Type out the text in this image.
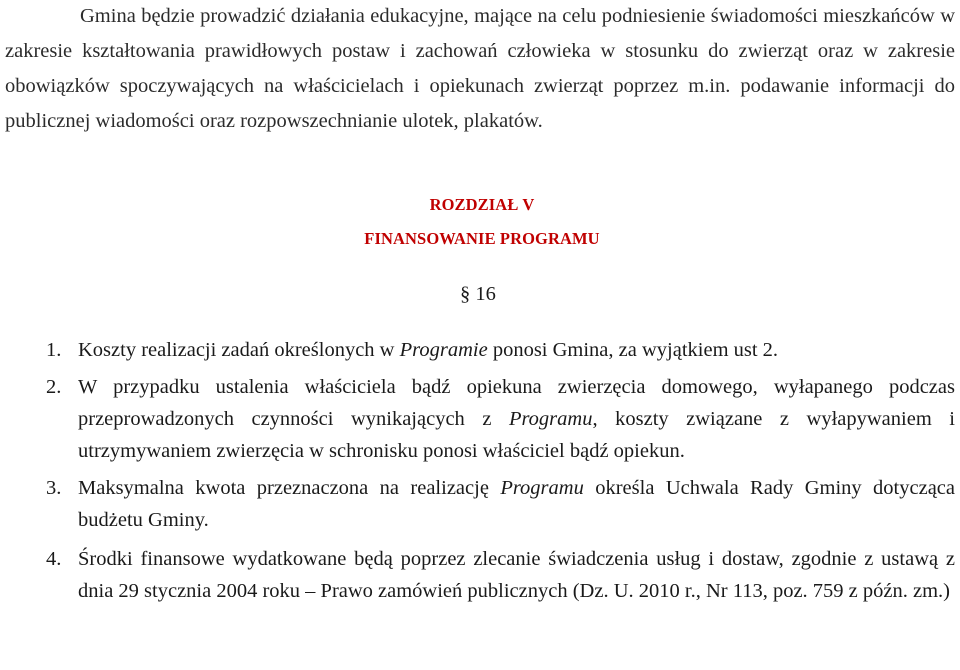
Gmina będzie prowadzić działania edukacyjne, mające na celu podniesienie świadomości mieszkańców w zakresie kształtowania prawidłowych postaw i zachowań człowieka w stosunku do zwierząt oraz w zakresie obowiązków spoczywających na właścicielach i opiekunach zwierząt poprzez m.in. podawanie informacji do publicznej wiadomości oraz rozpowszechnianie ulotek, plakatów.

ROZDZIAŁ V

FINANSOWANIE PROGRAMU

§ 16

1. Koszty realizacji zadań określonych w Programie ponosi Gmina, za wyjątkiem ust 2.
2. W przypadku ustalenia właściciela bądź opiekuna zwierzęcia domowego, wyłapanego podczas przeprowadzonych czynności wynikających z Programu, koszty związane z wyłapywaniem i utrzymywaniem zwierzęcia w schronisku ponosi właściciel bądź opiekun.
3. Maksymalna kwota przeznaczona na realizację Programu określa Uchwala Rady Gminy dotycząca budżetu Gminy.
4. Środki finansowe wydatkowane będą poprzez zlecanie świadczenia usług i dostaw, zgodnie z ustawą z dnia 29 stycznia 2004 roku – Prawo zamówień publicznych (Dz. U. 2010 r., Nr 113, poz. 759 z późn. zm.)
